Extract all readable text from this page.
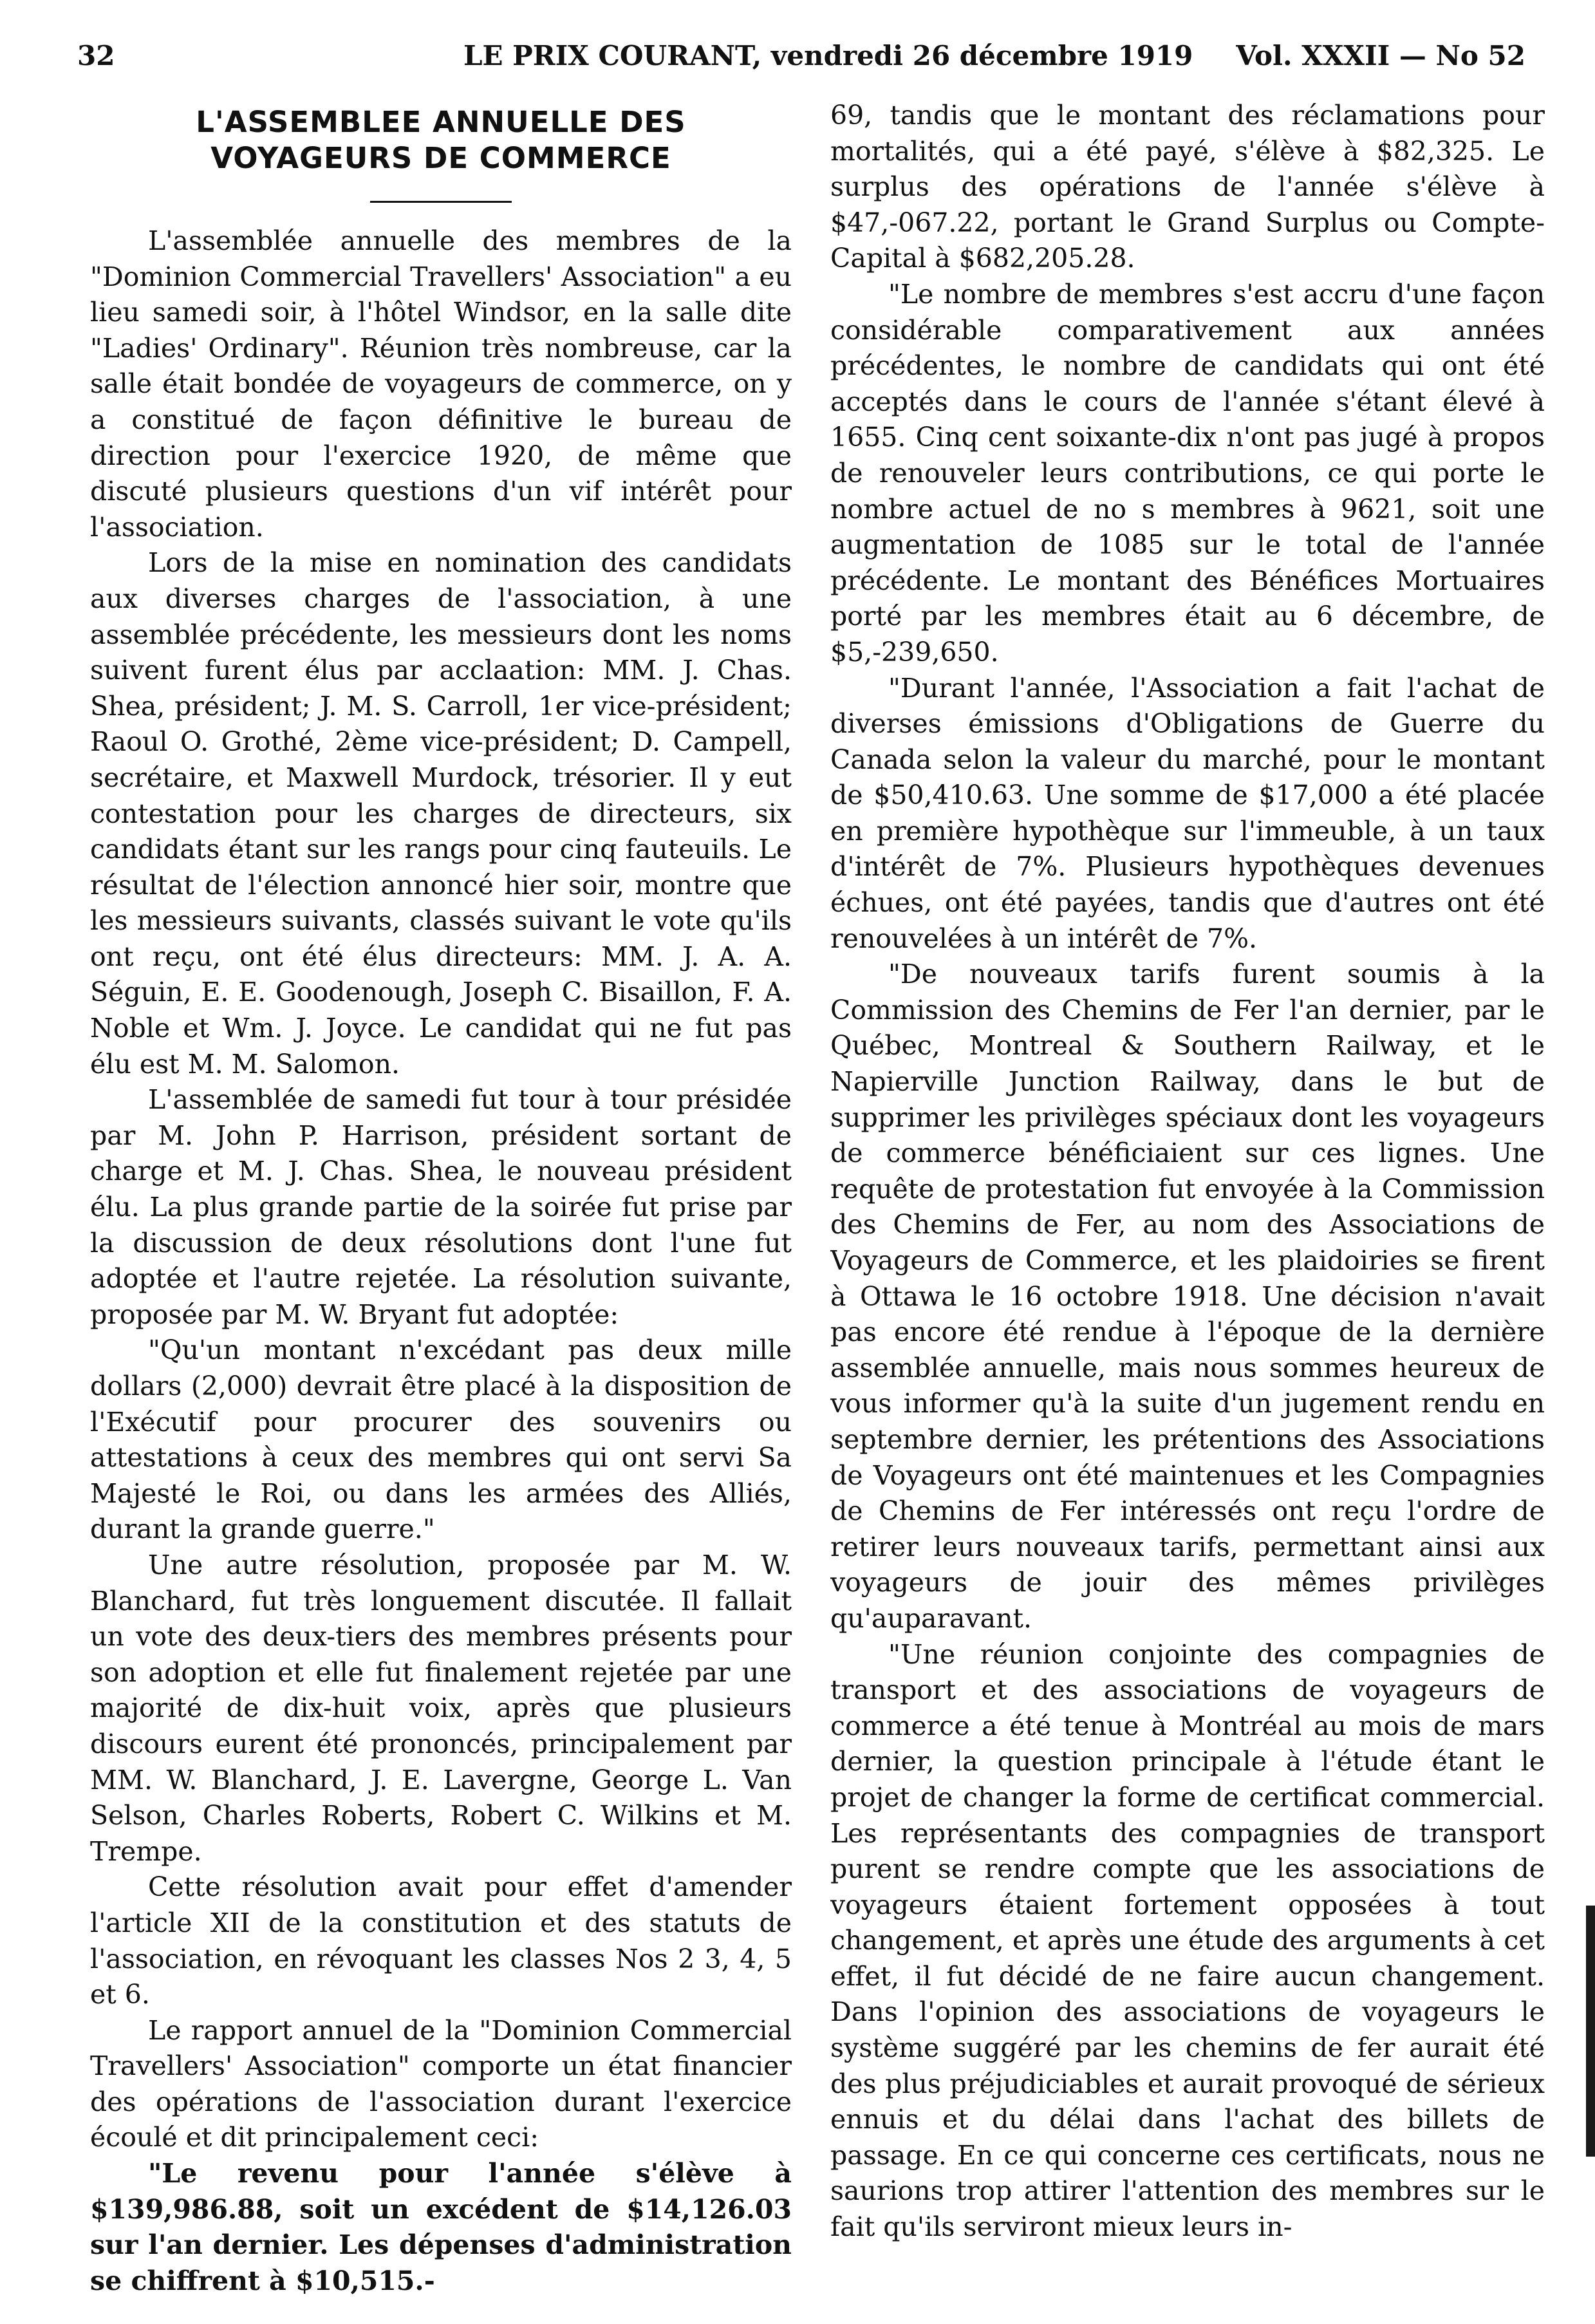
32	LE PRIX COURANT, vendredi 26 décembre 1919 Vol. XXXII — No 52
L'ASSEMBLEE ANNUELLE DES VOYAGEURS DE COMMERCE

L'assemblée annuelle des membres de la "Dominion Commercial Travellers' Association" a eu lieu samedi soir, à l'hôtel Windsor, en la salle dite "Ladies' Ordinary". Réunion très nombreuse, car la salle était bondée de voyageurs de commerce, on y a constitué de façon définitive le bureau de direction pour l'exercice 1920, de même que discuté plusieurs questions d'un vif intérêt pour l'association.

Lors de la mise en nomination des candidats aux diverses charges de l'association, à une assemblée précédente, les messieurs dont les noms suivent furent élus par acclaation: MM. J. Chas. Shea, président; J. M. S. Carroll, 1er vice-président; Raoul O. Grothé, 2ème vice-président; D. Campell, secrétaire, et Maxwell Murdock, trésorier. Il y eut contestation pour les charges de directeurs, six candidats étant sur les rangs pour cinq fauteuils. Le résultat de l'élection annoncé hier soir, montre que les messieurs suivants, classés suivant le vote qu'ils ont reçu, ont été élus directeurs: MM. J. A. A. Séguin, E. E. Goodenough, Joseph C. Bisaillon, F. A. Noble et Wm. J. Joyce. Le candidat qui ne fut pas élu est M. M. Salomon.

L'assemblée de samedi fut tour à tour présidée par M. John P. Harrison, président sortant de charge et M. J. Chas. Shea, le nouveau président élu. La plus grande partie de la soirée fut prise par la discussion de deux résolutions dont l'une fut adoptée et l'autre rejetée. La résolution suivante, proposée par M. W. Bryant fut adoptée:

"Qu'un montant n'excédant pas deux mille dollars (2,000) devrait être placé à la disposition de l'Exécutif pour procurer des souvenirs ou attestations à ceux des membres qui ont servi Sa Majesté le Roi, ou dans les armées des Alliés, durant la grande guerre."

Une autre résolution, proposée par M. W. Blanchard, fut très longuement discutée. Il fallait un vote des deux-tiers des membres présents pour son adoption et elle fut finalement rejetée par une majorité de dix-huit voix, après que plusieurs discours eurent été prononcés, principalement par MM. W. Blanchard, J. E. Lavergne, George L. Van Selson, Charles Roberts, Robert C. Wilkins et M. Trempe.

Cette résolution avait pour effet d'amender l'article XII de la constitution et des statuts de l'association, en révoquant les classes Nos 2 3, 4, 5 et 6.

Le rapport annuel de la "Dominion Commercial Travellers' Association" comporte un état financier des opérations de l'association durant l'exercice écoulé et dit principalement ceci:

"Le revenu pour l'année s'élève à $139,986.88, soit un excédent de $14,126.03 sur l'an dernier. Les dépenses d'administration se chiffrent à $10,515.-

69, tandis que le montant des réclamations pour mortalités, qui a été payé, s'élève à $82,325. Le surplus des opérations de l'année s'élève à $47,-067.22, portant le Grand Surplus ou Compte-Capital à $682,205.28.

"Le nombre de membres s'est accru d'une façon considérable comparativement aux années précédentes, le nombre de candidats qui ont été acceptés dans le cours de l'année s'étant élevé à 1655. Cinq cent soixante-dix n'ont pas jugé à propos de renouveler leurs contributions, ce qui porte le nombre actuel de no s membres à 9621, soit une augmentation de 1085 sur le total de l'année précédente. Le montant des Bénéfices Mortuaires porté par les membres était au 6 décembre, de $5,-239,650.

"Durant l'année, l'Association a fait l'achat de diverses émissions d'Obligations de Guerre du Canada selon la valeur du marché, pour le montant de $50,410.63. Une somme de $17,000 a été placée en première hypothèque sur l'immeuble, à un taux d'intérêt de 7%. Plusieurs hypothèques devenues échues, ont été payées, tandis que d'autres ont été renouvelées à un intérêt de 7%.

"De nouveaux tarifs furent soumis à la Commission des Chemins de Fer l'an dernier, par le Québec, Montreal & Southern Railway, et le Napierville Junction Railway, dans le but de supprimer les privilèges spéciaux dont les voyageurs de commerce bénéficiaient sur ces lignes. Une requête de protestation fut envoyée à la Commission des Chemins de Fer, au nom des Associations de Voyageurs de Commerce, et les plaidoiries se firent à Ottawa le 16 octobre 1918. Une décision n'avait pas encore été rendue à l'époque de la dernière assemblée annuelle, mais nous sommes heureux de vous informer qu'à la suite d'un jugement rendu en septembre dernier, les prétentions des Associations de Voyageurs ont été maintenues et les Compagnies de Chemins de Fer intéressés ont reçu l'ordre de retirer leurs nouveaux tarifs, permettant ainsi aux voyageurs de jouir des mêmes privilèges qu'auparavant.

"Une réunion conjointe des compagnies de transport et des associations de voyageurs de commerce a été tenue à Montréal au mois de mars dernier, la question principale à l'étude étant le projet de changer la forme de certificat commercial. Les représentants des compagnies de transport purent se rendre compte que les associations de voyageurs étaient fortement opposées à tout changement, et après une étude des arguments à cet effet, il fut décidé de ne faire aucun changement. Dans l'opinion des associations de voyageurs le système suggéré par les chemins de fer aurait été des plus préjudiciables et aurait provoqué de sérieux ennuis et du délai dans l'achat des billets de passage. En ce qui concerne ces certificats, nous ne saurions trop attirer l'attention des membres sur le fait qu'ils serviront mieux leurs in-
